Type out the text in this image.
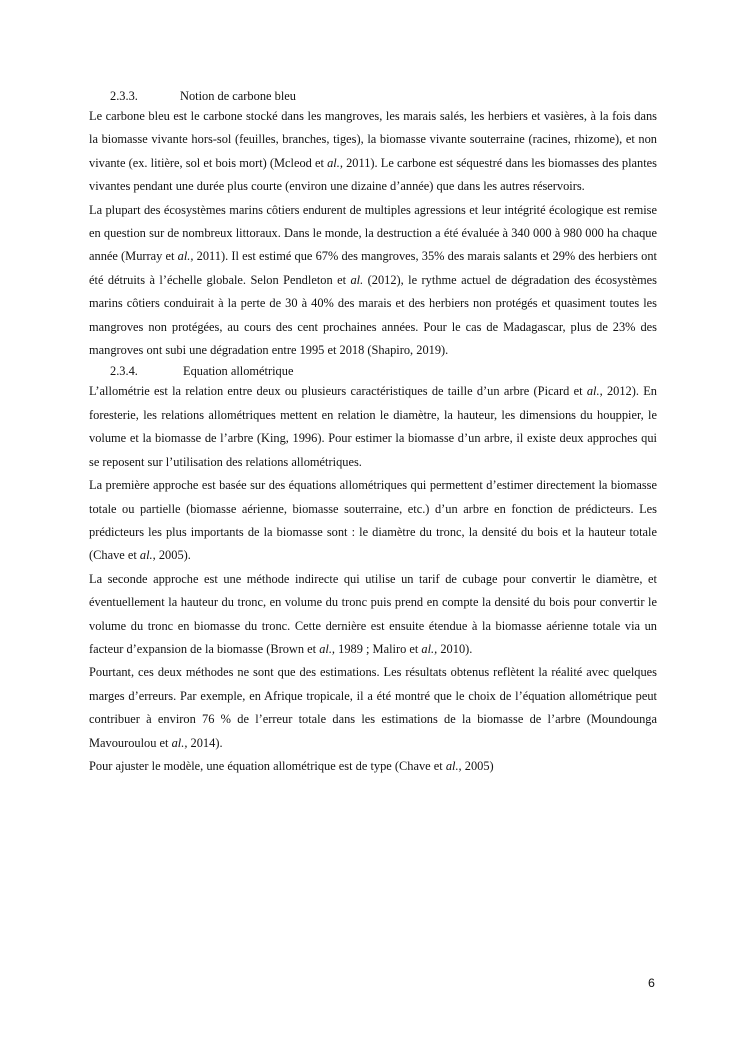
2.3.3.	Notion de carbone bleu

Le carbone bleu est le carbone stocké dans les mangroves, les marais salés, les herbiers et vasières, à la fois dans la biomasse vivante hors-sol (feuilles, branches, tiges), la biomasse vivante souterraine (racines, rhizome), et non vivante (ex. litière, sol et bois mort) (Mcleod et al., 2011). Le carbone est séquestré dans les biomasses des plantes vivantes pendant une durée plus courte (environ une dizaine d’année) que dans les autres réservoirs.

La plupart des écosystèmes marins côtiers endurent de multiples agressions et leur intégrité écologique est remise en question sur de nombreux littoraux. Dans le monde, la destruction a été évaluée à 340 000 à 980 000 ha chaque année (Murray et al., 2011). Il est estimé que 67% des mangroves, 35% des marais salants et 29% des herbiers ont été détruits à l’échelle globale. Selon Pendleton et al. (2012), le rythme actuel de dégradation des écosystèmes marins côtiers conduirait à la perte de 30 à 40% des marais et des herbiers non protégés et quasiment toutes les mangroves non protégées, au cours des cent prochaines années. Pour le cas de Madagascar, plus de 23% des mangroves ont subi une dégradation entre 1995 et 2018 (Shapiro, 2019).

2.3.4.	Equation allométrique

L’allométrie est la relation entre deux ou plusieurs caractéristiques de taille d’un arbre (Picard et al., 2012). En foresterie, les relations allométriques mettent en relation le diamètre, la hauteur, les dimensions du houppier, le volume et la biomasse de l’arbre (King, 1996). Pour estimer la biomasse d’un arbre, il existe deux approches qui se reposent sur l’utilisation des relations allométriques.

La première approche est basée sur des équations allométriques qui permettent d’estimer directement la biomasse totale ou partielle (biomasse aérienne, biomasse souterraine, etc.) d’un arbre en fonction de prédicteurs. Les prédicteurs les plus importants de la biomasse sont : le diamètre du tronc, la densité du bois et la hauteur totale (Chave et al., 2005).

La seconde approche est une méthode indirecte qui utilise un tarif de cubage pour convertir le diamètre, et éventuellement la hauteur du tronc, en volume du tronc puis prend en compte la densité du bois pour convertir le volume du tronc en biomasse du tronc. Cette dernière est ensuite étendue à la biomasse aérienne totale via un facteur d’expansion de la biomasse (Brown et al., 1989 ; Maliro et al., 2010).

Pourtant, ces deux méthodes ne sont que des estimations. Les résultats obtenus reflètent la réalité avec quelques marges d’erreurs. Par exemple, en Afrique tropicale, il a été montré que le choix de l’équation allométrique peut contribuer à environ 76 % de l’erreur totale dans les estimations de la biomasse de l’arbre (Moundounga Mavouroulou et al., 2014).

Pour ajuster le modèle, une équation allométrique est de type (Chave et al., 2005)

6
